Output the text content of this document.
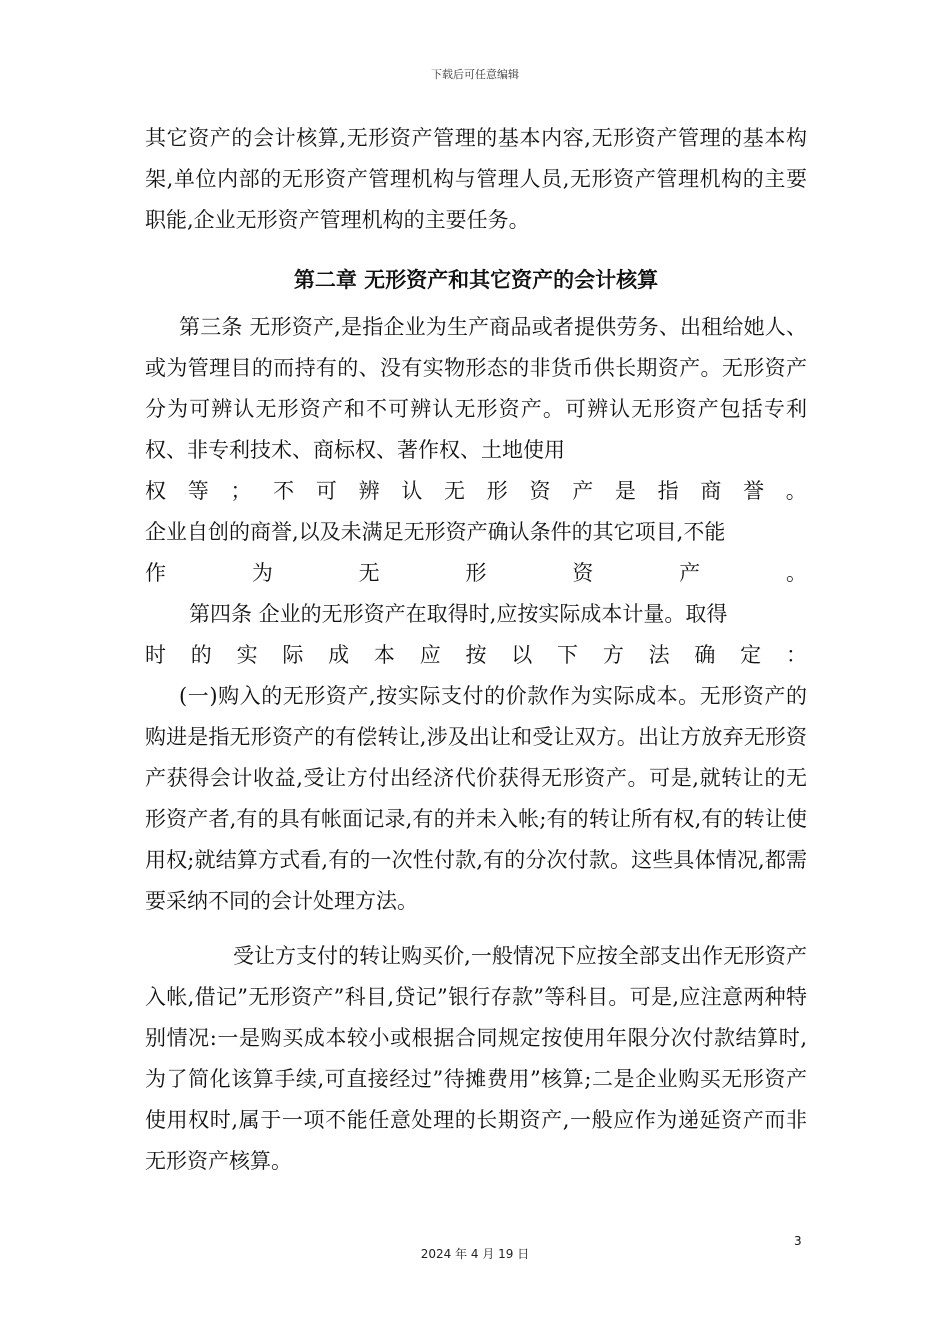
下载后可任意编辑

其它资产的会计核算,无形资产管理的基本内容,无形资产管理的基本构架,单位内部的无形资产管理机构与管理人员,无形资产管理机构的主要职能,企业无形资产管理机构的主要任务。

第二章 无形资产和其它资产的会计核算

第三条 无形资产,是指企业为生产商品或者提供劳务、出租给她人、或为管理目的而持有的、没有实物形态的非货币供长期资产。无形资产分为可辨认无形资产和不可辨认无形资产。可辨认无形资产包括专利权、非专利技术、商标权、著作权、土地使用

权 等 ； 不 可 辨 认 无 形 资 产 是 指 商 誉 。

企业自创的商誉,以及未满足无形资产确认条件的其它项目,不能

作	为	无	形	资	产	。

第四条 企业的无形资产在取得时,应按实际成本计量。取得

时 的 实 际 成 本 应 按 以 下 方 法 确 定 ：

(一)购入的无形资产,按实际支付的价款作为实际成本。无形资产的购进是指无形资产的有偿转让,涉及出让和受让双方。出让方放弃无形资产获得会计收益,受让方付出经济代价获得无形资产。可是,就转让的无形资产者,有的具有帐面记录,有的并未入帐;有的转让所有权,有的转让使用权;就结算方式看,有的一次性付款,有的分次付款。这些具体情况,都需要采纳不同的会计处理方法。

受让方支付的转让购买价,一般情况下应按全部支出作无形资产入帐,借记”无形资产”科目,贷记”银行存款”等科目。可是,应注意两种特别情况:一是购买成本较小或根据合同规定按使用年限分次付款结算时,为了简化该算手续,可直接经过”待摊费用”核算;二是企业购买无形资产使用权时,属于一项不能任意处理的长期资产,一般应作为递延资产而非无形资产核算。

3
2024 年 4 月 19 日
